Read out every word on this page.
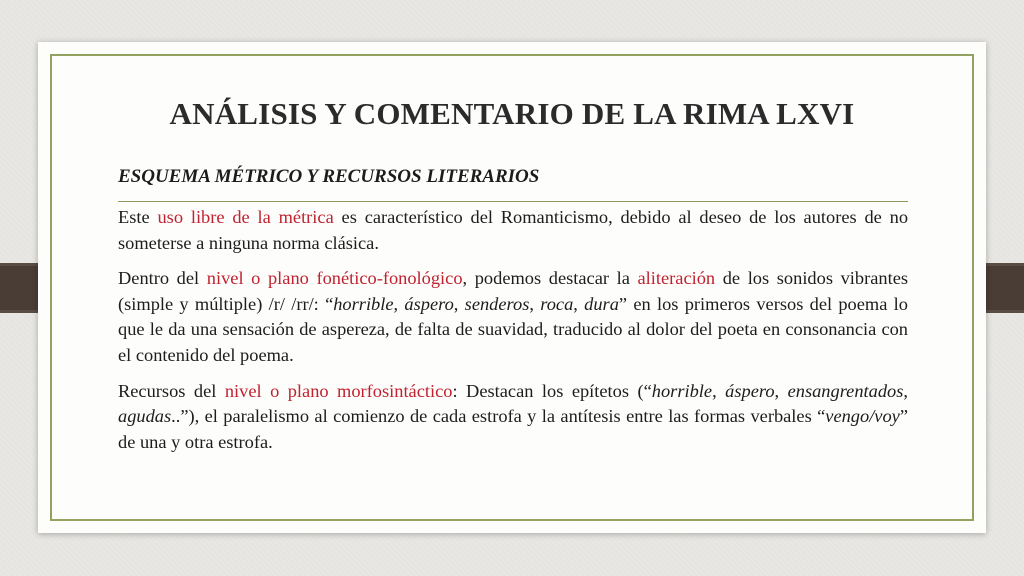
ANÁLISIS Y COMENTARIO DE LA RIMA LXVI
ESQUEMA MÉTRICO Y RECURSOS LITERARIOS

Este uso libre de la métrica es característico del Romanticismo, debido al deseo de los autores de no someterse a ninguna norma clásica.

Dentro del nivel o plano fonético-fonológico, podemos destacar la aliteración de los sonidos vibrantes (simple y múltiple) /r/ /rr/: “horrible, áspero, senderos, roca, dura” en los primeros versos del poema lo que le da una sensación de aspereza, de falta de suavidad, traducido al dolor del poeta en consonancia con el contenido del poema.

Recursos del nivel o plano morfosintáctico: Destacan los epítetos (“horrible, áspero, ensangrentados, agudas..”), el paralelismo al comienzo de cada estrofa y la antítesis entre las formas verbales “vengo/voy” de una y otra estrofa.
